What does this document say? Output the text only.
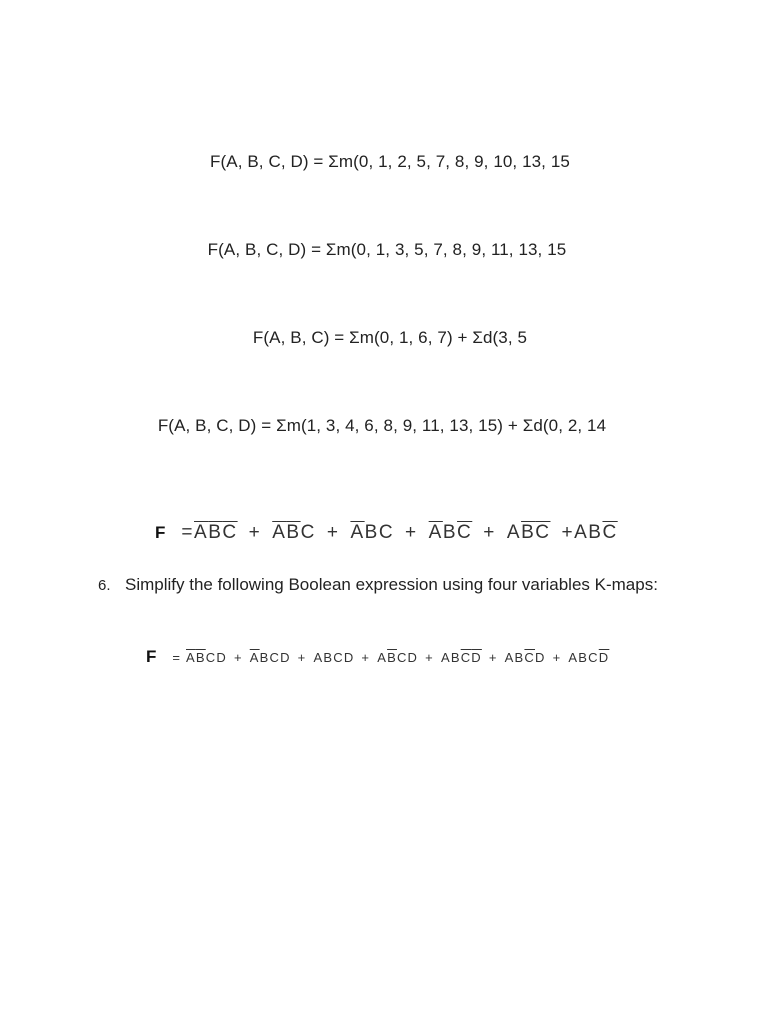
F(A, B, C, D) = Σm(0, 1, 2, 5, 7, 8, 9, 10, 13, 15
F(A, B, C, D) = Σm(0, 1, 3, 5, 7, 8, 9, 11, 13, 15
F(A, B, C) = Σm(0, 1, 6, 7) + Σd(3, 5
F(A, B, C, D) = Σm(1, 3, 4, 6, 8, 9, 11, 13, 15) + Σd(0, 2, 14
$F =\overline{A}\overline{B}\overline{C} + \overline{A}\overline{B}C + \overline{A}BC + \overline{A}B\overline{C} + A\overline{B}\overline{C} +AB\overline{C}$
6. Simplify the following Boolean expression using four variables K-maps:
$F = \overline{A}\overline{B}CD + \overline{A}BCD$ + ABCD + $A\overline{B}CD + AB\overline{C}\overline{D} + AB\overline{C}D + ABC\overline{D}$
